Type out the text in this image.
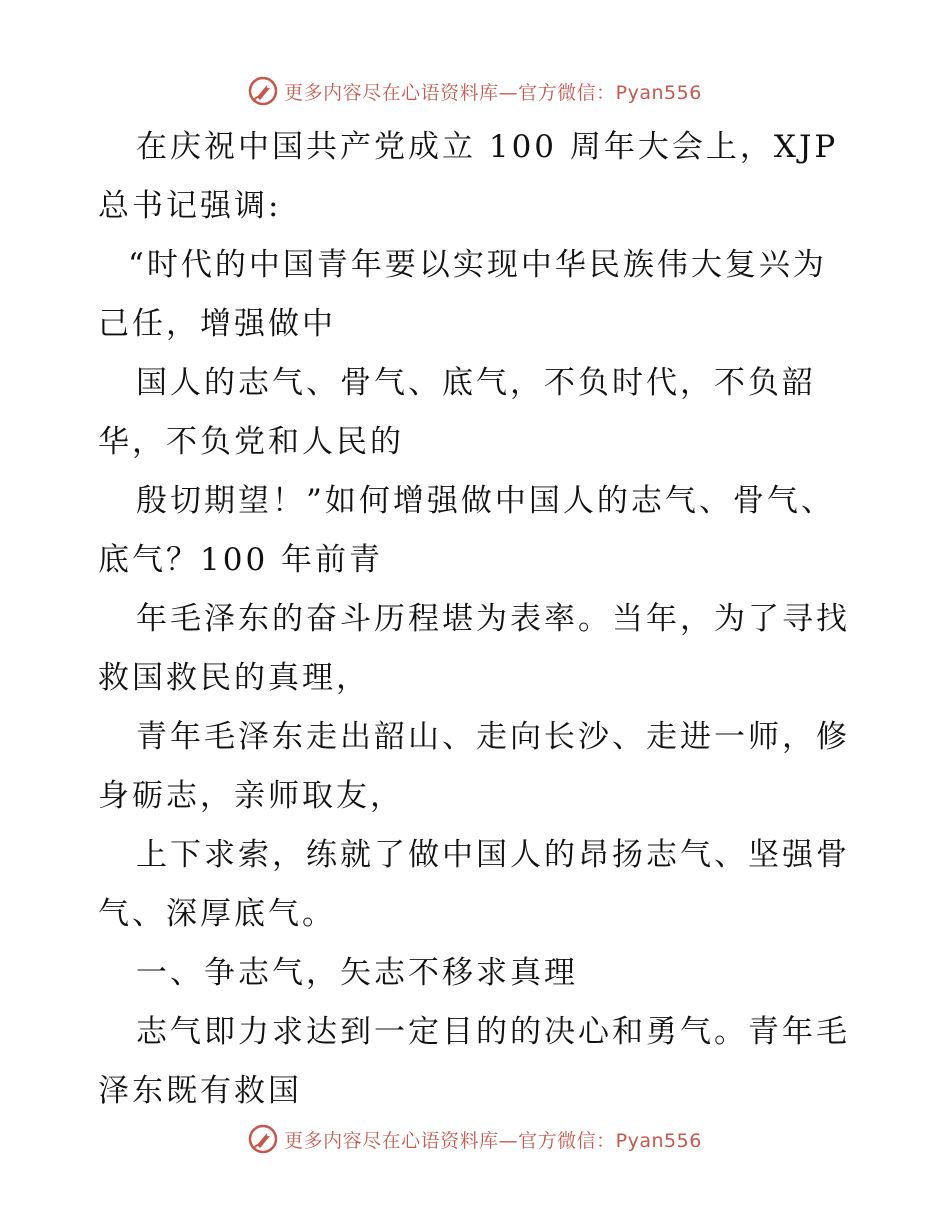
更多内容尽在心语资料库—官方微信：Pyan556
在庆祝中国共产党成立 100 周年大会上，XJP
总书记强调:
“时代的中国青年要以实现中华民族伟大复兴为
己任，增强做中
国人的志气、骨气、底气，不负时代，不负韶
华，不负党和人民的
殷切期望！”如何增强做中国人的志气、骨气、
底气？100 年前青
年毛泽东的奋斗历程堪为表率。当年，为了寻找
救国救民的真理，
青年毛泽东走出韶山、走向长沙、走进一师，修
身砺志，亲师取友，
上下求索，练就了做中国人的昂扬志气、坚强骨
气、深厚底气。
一、争志气，矢志不移求真理
志气即力求达到一定目的的决心和勇气。青年毛
泽东既有救国
更多内容尽在心语资料库—官方微信：Pyan556
